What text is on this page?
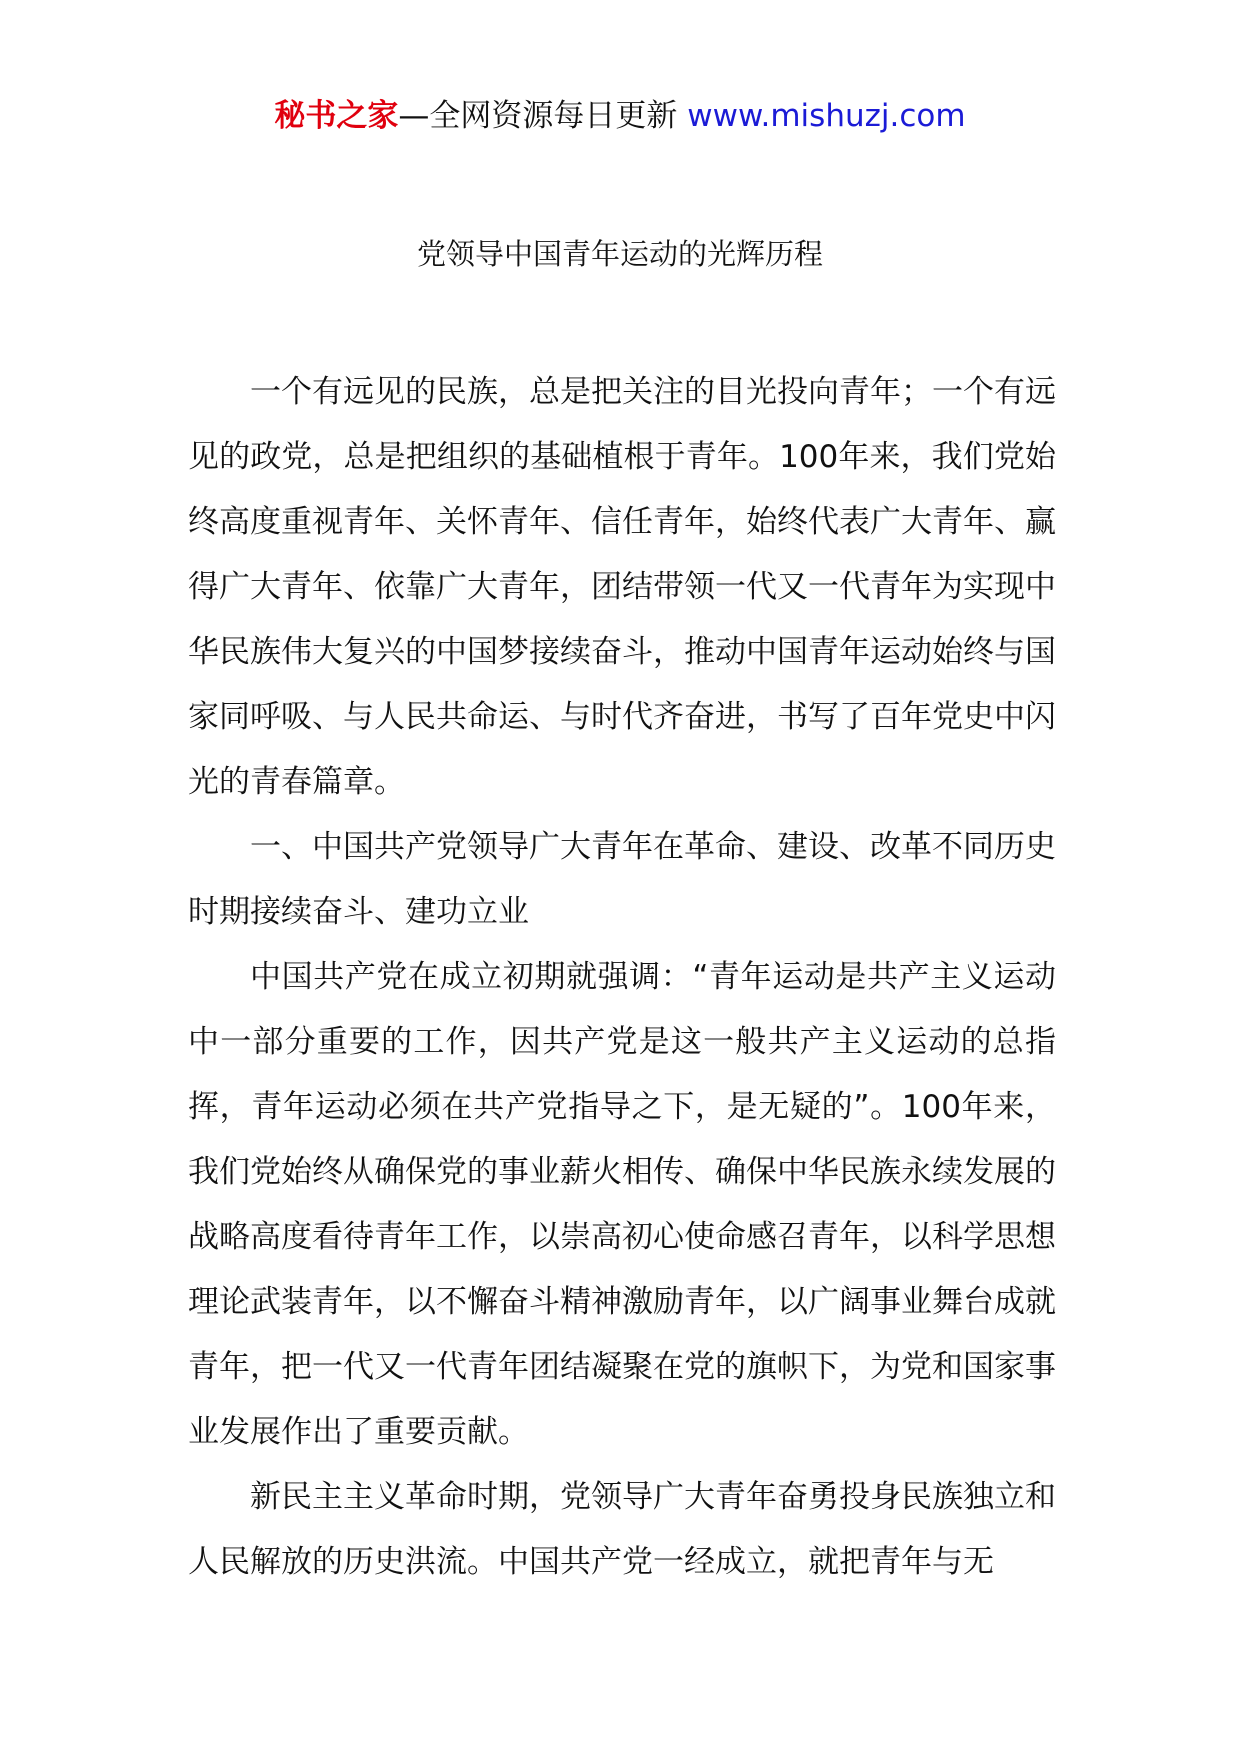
秘书之家—全网资源每日更新 www.mishuzj.com
党领导中国青年运动的光辉历程

一个有远见的民族，总是把关注的目光投向青年；一个有远见的政党，总是把组织的基础植根于青年。100年来，我们党始终高度重视青年、关怀青年、信任青年，始终代表广大青年、赢得广大青年、依靠广大青年，团结带领一代又一代青年为实现中华民族伟大复兴的中国梦接续奋斗，推动中国青年运动始终与国家同呼吸、与人民共命运、与时代齐奋进，书写了百年党史中闪光的青春篇章。

一、中国共产党领导广大青年在革命、建设、改革不同历史时期接续奋斗、建功立业

中国共产党在成立初期就强调：“青年运动是共产主义运动中一部分重要的工作，因共产党是这一般共产主义运动的总指挥，青年运动必须在共产党指导之下，是无疑的”。100年来，我们党始终从确保党的事业薪火相传、确保中华民族永续发展的战略高度看待青年工作，以崇高初心使命感召青年，以科学思想理论武装青年，以不懈奋斗精神激励青年，以广阔事业舞台成就青年，把一代又一代青年团结凝聚在党的旗帜下，为党和国家事业发展作出了重要贡献。

新民主主义革命时期，党领导广大青年奋勇投身民族独立和人民解放的历史洪流。中国共产党一经成立，就把青年与无
